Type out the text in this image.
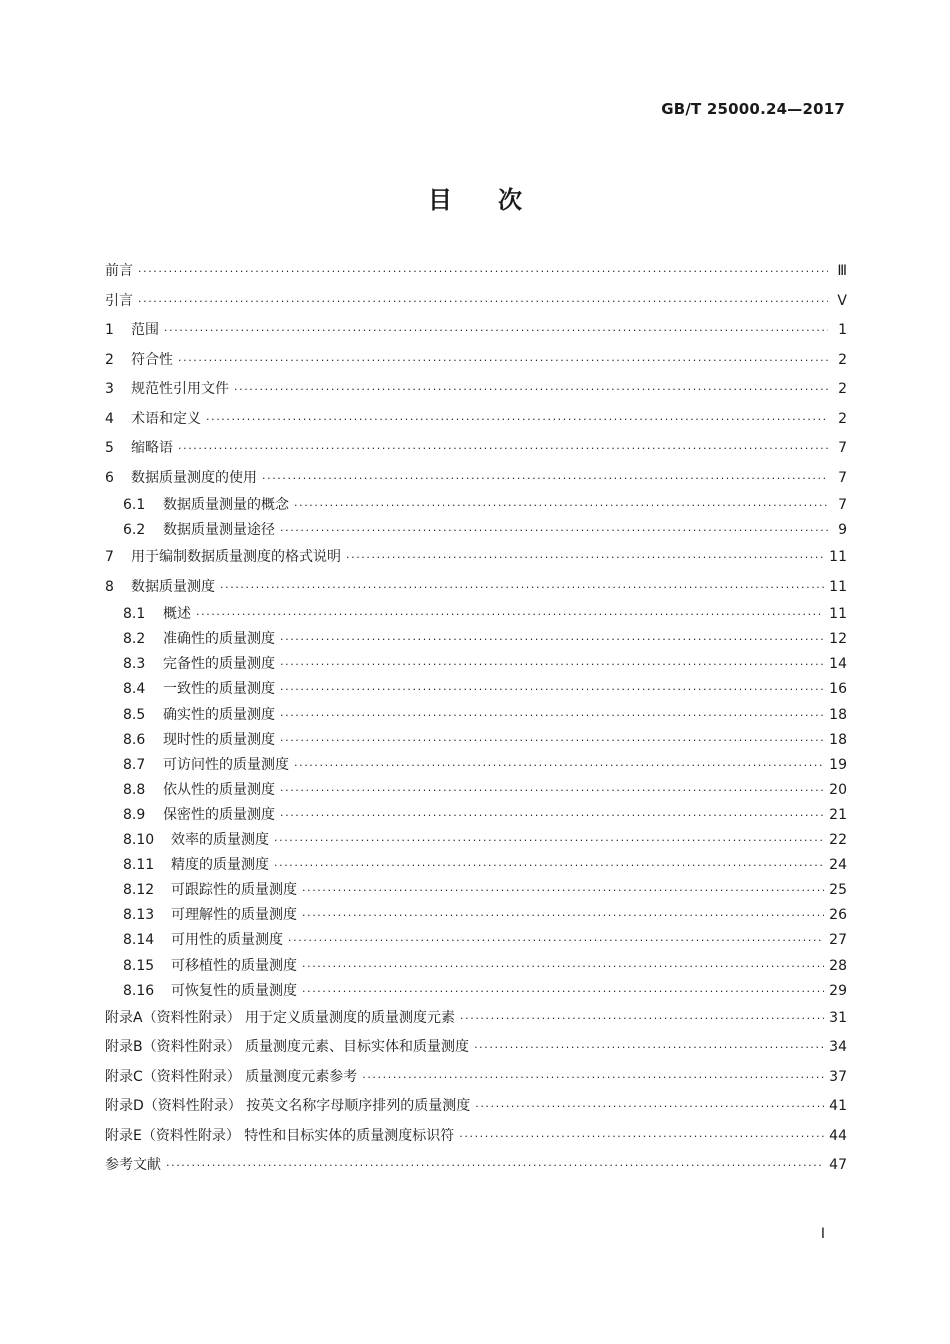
GB/T 25000.24—2017
目次
前言 ·····	Ⅲ
引言 ·····	Ⅴ
1	范围 ·····	1
2	符合性 ·····	2
3	规范性引用文件 ·····	2
4	术语和定义 ·····	2
5	缩略语 ·····	7
6	数据质量测度的使用 ·····	7
6.1	数据质量测量的概念 ·····	7
6.2	数据质量测量途径 ·····	9
7	用于编制数据质量测度的格式说明 ·····	11
8	数据质量测度 ·····	11
8.1	概述 ·····	11
8.2	准确性的质量测度 ·····	12
8.3	完备性的质量测度 ·····	14
8.4	一致性的质量测度 ·····	16
8.5	确实性的质量测度 ·····	18
8.6	现时性的质量测度 ·····	18
8.7	可访问性的质量测度 ·····	19
8.8	依从性的质量测度 ·····	20
8.9	保密性的质量测度 ·····	21
8.10	效率的质量测度 ·····	22
8.11	精度的质量测度 ·····	24
8.12	可跟踪性的质量测度 ·····	25
8.13	可理解性的质量测度 ·····	26
8.14	可用性的质量测度 ·····	27
8.15	可移植性的质量测度 ·····	28
8.16	可恢复性的质量测度 ·····	29
附录A（资料性附录） 用于定义质量测度的质量测度元素 ·····	31
附录B（资料性附录） 质量测度元素、目标实体和质量测度 ·····	34
附录C（资料性附录） 质量测度元素参考 ·····	37
附录D（资料性附录） 按英文名称字母顺序排列的质量测度 ·····	41
附录E（资料性附录） 特性和目标实体的质量测度标识符 ·····	44
参考文献 ·····	47
I
